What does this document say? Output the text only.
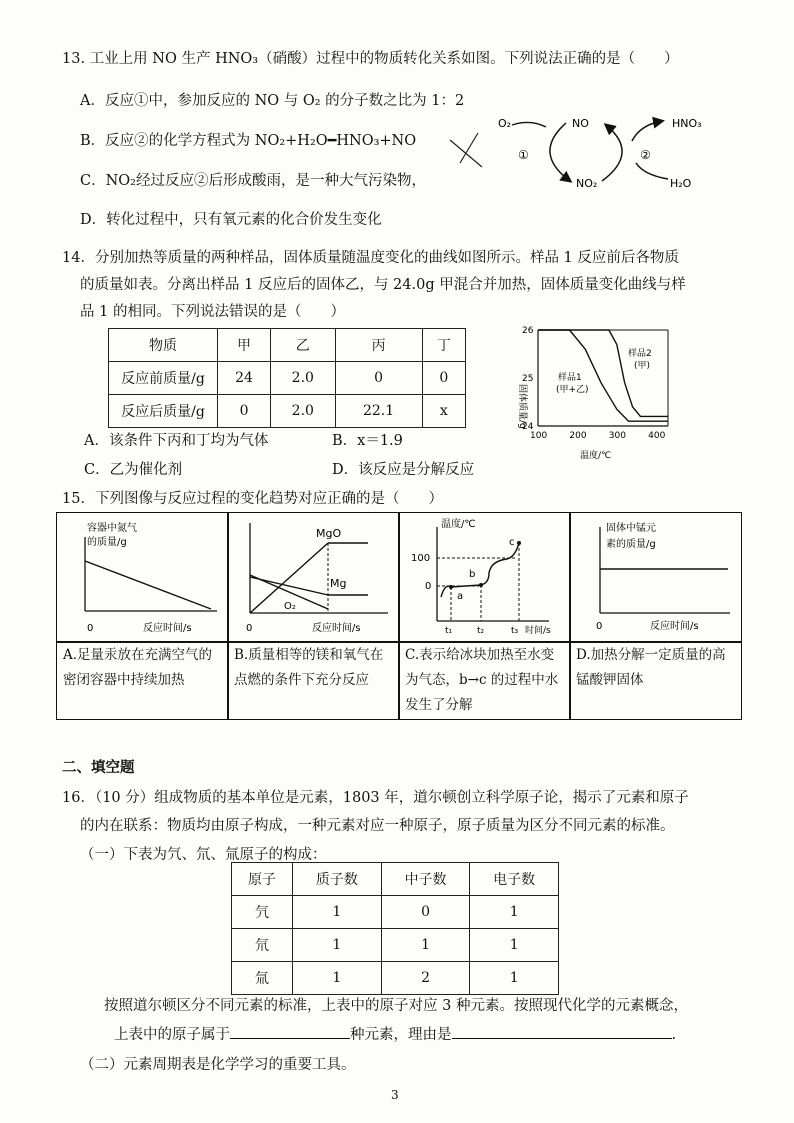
13. 工业上用 NO 生产 HNO₃（硝酸）过程中的物质转化关系如图。下列说法正确的是（　　）
A．反应①中，参加反应的 NO 与 O₂ 的分子数之比为 1：2
B．反应②的化学方程式为 NO₂+H₂O━HNO₃+NO
C．NO₂经过反应②后形成酸雨，是一种大气污染物，
D．转化过程中，只有氧元素的化合价发生变化
O₂	NO	HNO₃
NO₂	H₂O
①	②
14．分别加热等质量的两种样品，固体质量随温度变化的曲线如图所示。样品 1 反应前后各物质
的质量如表。分离出样品 1 反应后的固体乙，与 24.0g 甲混合并加热，固体质量变化曲线与样
品 1 的相同。下列说法错误的是（　　）
物质	甲	乙	丙	丁
反应前质量/g	24	2.0	0	0
反应后质量/g	0	2.0	22.1	x
A．该条件下丙和丁均为气体	B．x＝1.9
C．乙为催化剂	D．该反应是分解反应
固体质量/g
温度/℃
26
25
24
100 200 300 400
样品1
(甲+乙)
样品2
(甲)
15．下列图像与反应过程的变化趋势对应正确的是（　　）
容器中氮气
的质量/g
0	反应时间/s
MgO
Mg
O₂
0	反应时间/s
温度/℃
100
0
a
b
c
t₁	t₂	t₃ 时间/s
固体中锰元
素的质量/g
0	反应时间/s
A.足量汞放在充满空气的密闭容器中持续加热
B.质量相等的镁和氧气在点燃的条件下充分反应
C.表示给冰块加热至水变为气态，b→c 的过程中水发生了分解
D.加热分解一定质量的高锰酸钾固体
二、填空题
16．（10 分）组成物质的基本单位是元素，1803 年，道尔顿创立科学原子论，揭示了元素和原子
的内在联系：物质均由原子构成，一种元素对应一种原子，原子质量为区分不同元素的标准。
（一）下表为氕、氘、氚原子的构成：
原子	质子数	中子数	电子数
氕	1	0	1
氘	1	1	1
氚	1	2	1
按照道尔顿区分不同元素的标准，上表中的原子对应 3 种元素。按照现代化学的元素概念，
上表中的原子属于	种元素，理由是	.
（二）元素周期表是化学学习的重要工具。
3
